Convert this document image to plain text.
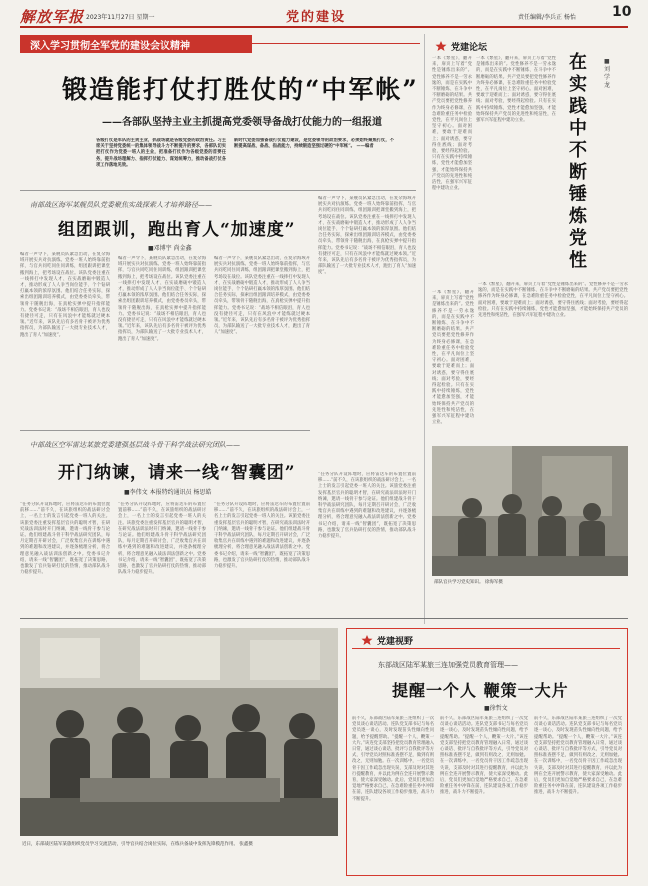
解放军报 2023年11月27日 星期一	党的建设	责任编辑/李兵正 杨怡	10
深入学习贯彻全军党的建设会议精神
锻造能打仗打胜仗的“中军帐”
——各部队坚持主业主抓提高党委领导备战打仗能力的一组报道
各级打仗是军队的主责主业，抓战场就是各级党委的政治责任。习主席关于坚持党委统一的集体领导战斗力不断提升的要求，各部队切实把打仗作为党委一班人的主业，把准备打仗作为各级党委的首要任务，提升战场理解力、指挥打仗能力、谋划统筹力，推动备战打仗各项工作落地见效。
新时代党委加强备战打仗能力建设，是党委领导的政治要求，必须始终聚焦打仗，不断提高谋战、备战、指战能力，持续锻造坚强过硬的“中军帐”。 ——编者
南部战区海军某舰员队党委聚焦实战探索人才培养路径——
组团跟训，跑出育人“加速度”
■邓博宇 尚金鑫
编者一声令下，某舰员队紧急出动，在复杂海域开展实兵对抗演练。党委一班人始终靠前指挥，与官兵同吃同住同训练，组团跟训把课堂搬到海上，把考场设在战位。该队党委注重在一线摔打中发现人才、在实战磨砺中锻造人才，推动形成了人人争当岗位能手、个个钻研打赢本领的浓厚氛围。他们结合任务实际，探索出组团跟训培养模式，由党委委员牵头，带领骨干随舰出海，在真枪实弹中提升指挥能力。党委书记说：“战场不相信眼泪，育人也没有捷径可走，只有在风浪中才能练就过硬本领。”近年来，该队先后有多名骨干被评为优秀指挥员，为部队输送了一大批专业技术人才，跑出了育人“加速度”。
编者一声令下，某舰员队紧急出动，在复杂海域开展实兵对抗演练。党委一班人始终靠前指挥，与官兵同吃同住同训练，组团跟训把课堂搬到海上，把考场设在战位。该队党委注重在一线摔打中发现人才、在实战磨砺中锻造人才，推动形成了人人争当岗位能手、个个钻研打赢本领的浓厚氛围。他们结合任务实际，探索出组团跟训培养模式，由党委委员牵头，带领骨干随舰出海，在真枪实弹中提升指挥能力。党委书记说：“战场不相信眼泪，育人也没有捷径可走，只有在风浪中才能练就过硬本领。”近年来，该队先后有多名骨干被评为优秀指挥员，为部队输送了一大批专业技术人才，跑出了育人“加速度”。
编者一声令下，某舰员队紧急出动，在复杂海域开展实兵对抗演练。党委一班人始终靠前指挥，与官兵同吃同住同训练，组团跟训把课堂搬到海上，把考场设在战位。该队党委注重在一线摔打中发现人才、在实战磨砺中锻造人才，推动形成了人人争当岗位能手、个个钻研打赢本领的浓厚氛围。他们结合任务实际，探索出组团跟训培养模式，由党委委员牵头，带领骨干随舰出海，在真枪实弹中提升指挥能力。党委书记说：“战场不相信眼泪，育人也没有捷径可走，只有在风浪中才能练就过硬本领。”近年来，该队先后有多名骨干被评为优秀指挥员，为部队输送了一大批专业技术人才，跑出了育人“加速度”。
编者一声令下，某舰员队紧急出动，在复杂海域开展实兵对抗演练。党委一班人始终靠前指挥，与官兵同吃同住同训练，组团跟训把课堂搬到海上，把考场设在战位。该队党委注重在一线摔打中发现人才、在实战磨砺中锻造人才，推动形成了人人争当岗位能手、个个钻研打赢本领的浓厚氛围。他们结合任务实际，探索出组团跟训培养模式，由党委委员牵头，带领骨干随舰出海，在真枪实弹中提升指挥能力。党委书记说：“战场不相信眼泪，育人也没有捷径可走，只有在风浪中才能练就过硬本领。”近年来，该队先后有多名骨干被评为优秀指挥员，为部队输送了一大批专业技术人才，跑出了育人“加速度”。
中部战区空军雷达某旅党委建强基层战斗骨干科学战法研究团队——
开门纳谏，请来一线“智囊团”
■李伟文 本报特约通讯员 杨思皓
“任务分队开设阵地时，应将雷达车的布置位置前移……”前不久，在该旅组织的战法研讨会上，一名上士的发言引起党委一班人的关注。该旅党委注重发挥基层官兵的聪明才智，在研究战法训法时开门纳谏，邀请一线骨干参与论证。他们组建战斗骨干科学战法研究团队，每月定期召开研讨会，广泛收集官兵在训练中遇到的难题和改进建议，并逐条梳理分析，将合理意见融入战法训法创新之中。党委书记介绍，请来一线“智囊团”，既拓宽了决策思路，也激发了官兵钻研打仗的热情，推动部队战斗力稳步提升。
“任务分队开设阵地时，应将雷达车的布置位置前移……”前不久，在该旅组织的战法研讨会上，一名上士的发言引起党委一班人的关注。该旅党委注重发挥基层官兵的聪明才智，在研究战法训法时开门纳谏，邀请一线骨干参与论证。他们组建战斗骨干科学战法研究团队，每月定期召开研讨会，广泛收集官兵在训练中遇到的难题和改进建议，并逐条梳理分析，将合理意见融入战法训法创新之中。党委书记介绍，请来一线“智囊团”，既拓宽了决策思路，也激发了官兵钻研打仗的热情，推动部队战斗力稳步提升。
“任务分队开设阵地时，应将雷达车的布置位置前移……”前不久，在该旅组织的战法研讨会上，一名上士的发言引起党委一班人的关注。该旅党委注重发挥基层官兵的聪明才智，在研究战法训法时开门纳谏，邀请一线骨干参与论证。他们组建战斗骨干科学战法研究团队，每月定期召开研讨会，广泛收集官兵在训练中遇到的难题和改进建议，并逐条梳理分析，将合理意见融入战法训法创新之中。党委书记介绍，请来一线“智囊团”，既拓宽了决策思路，也激发了官兵钻研打仗的热情，推动部队战斗力稳步提升。
“任务分队开设阵地时，应将雷达车的布置位置前移……”前不久，在该旅组织的战法研讨会上，一名上士的发言引起党委一班人的关注。该旅党委注重发挥基层官兵的聪明才智，在研究战法训法时开门纳谏，邀请一线骨干参与论证。他们组建战斗骨干科学战法研究团队，每月定期召开研讨会，广泛收集官兵在训练中遇到的难题和改进建议，并逐条梳理分析，将合理意见融入战法训法创新之中。党委书记介绍，请来一线“智囊团”，既拓宽了决策思路，也激发了官兵钻研打仗的热情，推动部队战斗力稳步提升。
党建论坛
在实践中不断锤炼党性
■刘学龙
一本《繁星》，翻开来，扉页上写着“党性是锤炼出来的”。党性修养不是一劳永逸的，而是在实践中不断锤炼、在斗争中不断磨砺的结果。共产党员要把党性修养作为终身必修课，在急难险重任务中检验党性，在平凡岗位上坚守初心。面对困难，要敢于迎难而上；面对诱惑，要守得住底线；面对考验，要经得起检验。只有在实践中持续锤炼，党性才能愈加坚强，才能始终保持共产党员的先进性和纯洁性，在强军兴军征程中建功立业。
一本《繁星》，翻开来，扉页上写着“党性是锤炼出来的”。党性修养不是一劳永逸的，而是在实践中不断锤炼、在斗争中不断磨砺的结果。共产党员要把党性修养作为终身必修课，在急难险重任务中检验党性，在平凡岗位上坚守初心。面对困难，要敢于迎难而上；面对诱惑，要守得住底线；面对考验，要经得起检验。只有在实践中持续锤炼，党性才能愈加坚强，才能始终保持共产党员的先进性和纯洁性，在强军兴军征程中建功立业。
一本《繁星》，翻开来，扉页上写着“党性是锤炼出来的”。党性修养不是一劳永逸的，而是在实践中不断锤炼、在斗争中不断磨砺的结果。共产党员要把党性修养作为终身必修课，在急难险重任务中检验党性，在平凡岗位上坚守初心。面对困难，要敢于迎难而上；面对诱惑，要守得住底线；面对考验，要经得起检验。只有在实践中持续锤炼，党性才能愈加坚强，才能始终保持共产党员的先进性和纯洁性，在强军兴军征程中建功立业。
一本《繁星》，翻开来，扉页上写着“党性是锤炼出来的”。党性修养不是一劳永逸的，而是在实践中不断锤炼、在斗争中不断磨砺的结果。共产党员要把党性修养作为终身必修课，在急难险重任务中检验党性，在平凡岗位上坚守初心。面对困难，要敢于迎难而上；面对诱惑，要守得住底线；面对考验，要经得起检验。只有在实践中持续锤炼，党性才能愈加坚强，才能始终保持共产党员的先进性和纯洁性，在强军兴军征程中建功立业。
部队官兵学习党史知识。 徐海军摄
近日，东部战区陆军某旅组织党员学习交流活动，引导官兵结合岗位实际，在练兵备战中发挥先锋模范作用。 张鑫摄
党建视野
东部战区陆军某旅三连加强党员教育管理——
提醒一个人 鞭策一大片
■徐哲文
前不久，东部战区陆军某旅三连组织了一次党员谈心谈话活动。连队党支部书记与每名党员逐一谈心，及时发现苗头性倾向性问题，给予提醒帮助。“提醒一个人，鞭策一大片。”该连党支部坚持把党员教育管理融入日常，通过谈心谈话、批评与自我批评等方式，引导党员对照标准查摆不足，做到有则改之、无则加勉。在一次训练中，一名党员骨干因工作疏忽出现失误，支部及时对其进行提醒教育，并以此为例在全连开展警示教育，使大家深受触动。此后，党员们更加自觉地严格要求自己，在急难险重任务中冲锋在前，连队建设各项工作稳步推进，战斗力不断提升。
前不久，东部战区陆军某旅三连组织了一次党员谈心谈话活动。连队党支部书记与每名党员逐一谈心，及时发现苗头性倾向性问题，给予提醒帮助。“提醒一个人，鞭策一大片。”该连党支部坚持把党员教育管理融入日常，通过谈心谈话、批评与自我批评等方式，引导党员对照标准查摆不足，做到有则改之、无则加勉。在一次训练中，一名党员骨干因工作疏忽出现失误，支部及时对其进行提醒教育，并以此为例在全连开展警示教育，使大家深受触动。此后，党员们更加自觉地严格要求自己，在急难险重任务中冲锋在前，连队建设各项工作稳步推进，战斗力不断提升。
前不久，东部战区陆军某旅三连组织了一次党员谈心谈话活动。连队党支部书记与每名党员逐一谈心，及时发现苗头性倾向性问题，给予提醒帮助。“提醒一个人，鞭策一大片。”该连党支部坚持把党员教育管理融入日常，通过谈心谈话、批评与自我批评等方式，引导党员对照标准查摆不足，做到有则改之、无则加勉。在一次训练中，一名党员骨干因工作疏忽出现失误，支部及时对其进行提醒教育，并以此为例在全连开展警示教育，使大家深受触动。此后，党员们更加自觉地严格要求自己，在急难险重任务中冲锋在前，连队建设各项工作稳步推进，战斗力不断提升。
